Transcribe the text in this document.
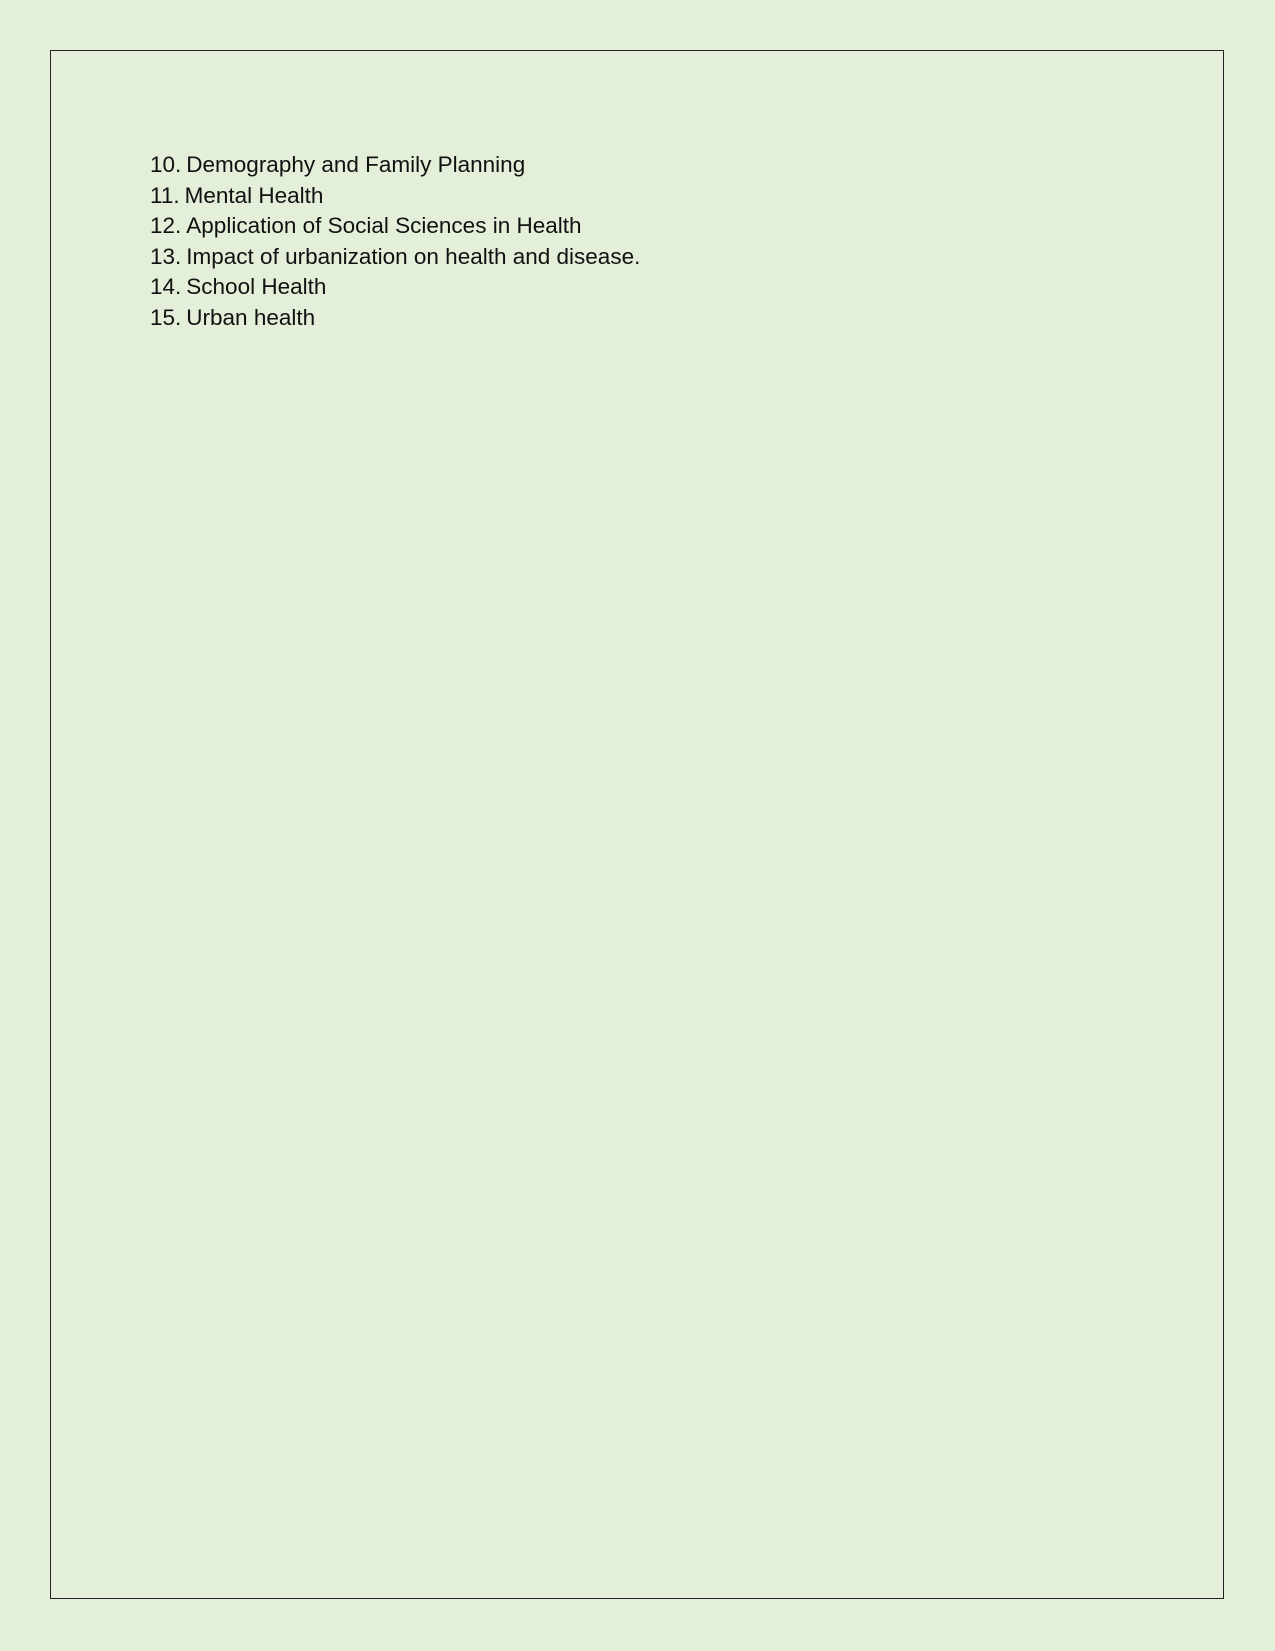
10. Demography and Family Planning
11. Mental Health
12. Application of Social Sciences in Health
13. Impact of urbanization on health and disease.
14. School Health
15. Urban health
